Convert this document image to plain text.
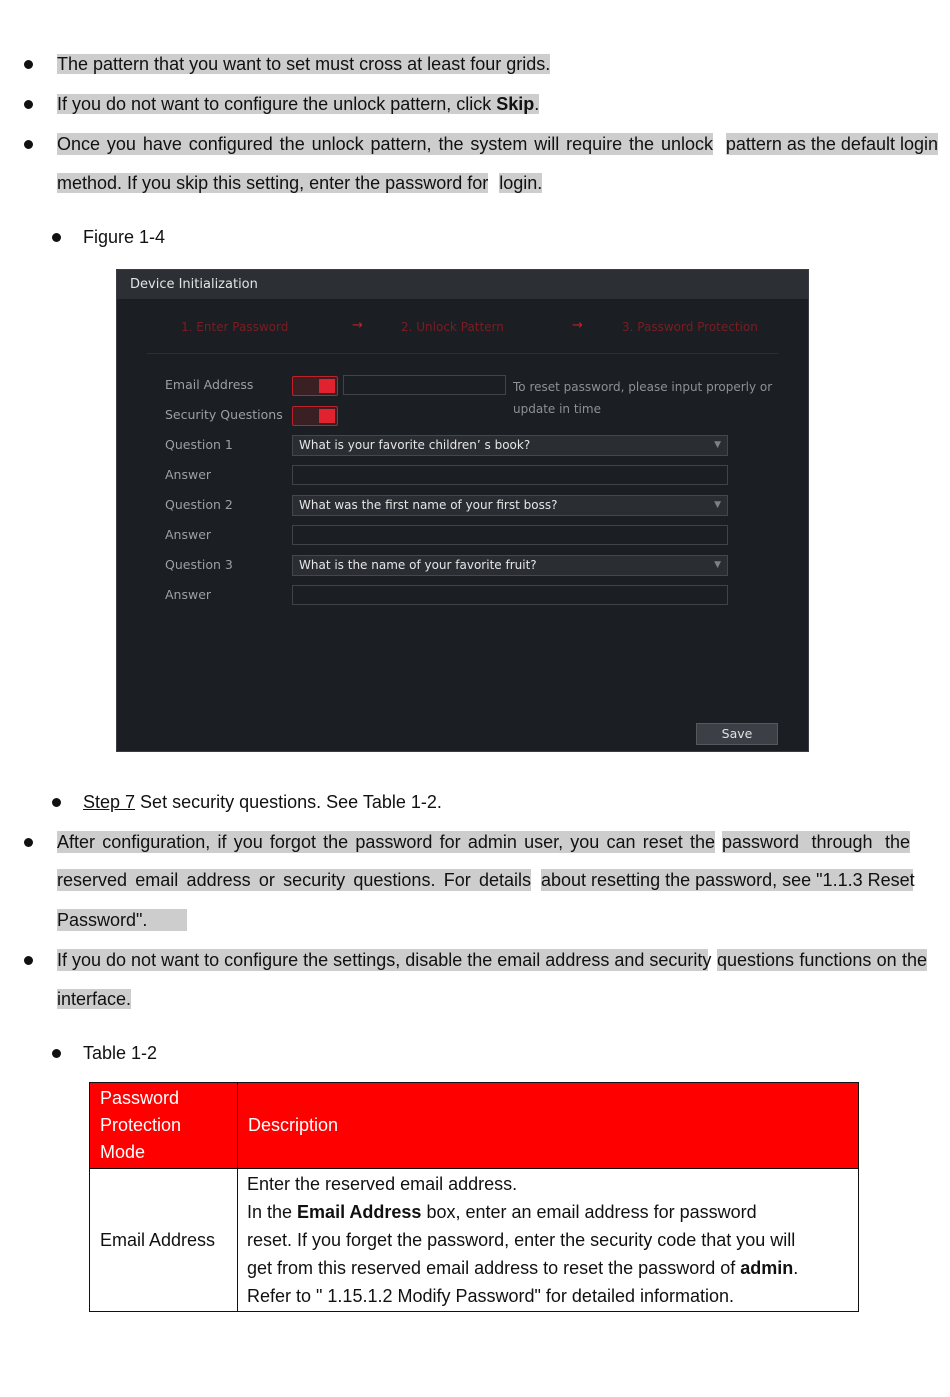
The pattern that you want to set must cross at least four grids.
If you do not want to configure the unlock pattern, click Skip.
Once you have configured the unlock pattern, the system will require the unlock pattern as the default login
method. If you skip this setting, enter the password for login.
Figure 1-4
Device Initialization
1. Enter Password	→	2. Unlock Pattern	→	3. Password Protection
Email Address	To reset password, please input properly or update in time
Security Questions
Question 1	What is your favorite children’ s book?	▼
Answer
Question 2	What was the first name of your first boss?	▼
Answer
Question 3	What is the name of your favorite fruit?	▼
Answer
Save
Step 7 Set security questions. See Table 1-2.
After configuration, if you forgot the password for admin user, you can reset the password through the
reserved email address or security questions. For details about resetting the password, see "1.1.3 Reset
Password".
If you do not want to configure the settings, disable the email address and security questions functions on the
interface.
Table 1-2
Password Protection Mode	Description
Email Address	Enter the reserved email address.
In the Email Address box, enter an email address for password
reset. If you forget the password, enter the security code that you will
get from this reserved email address to reset the password of admin.
Refer to " 1.15.1.2 Modify Password" for detailed information.
